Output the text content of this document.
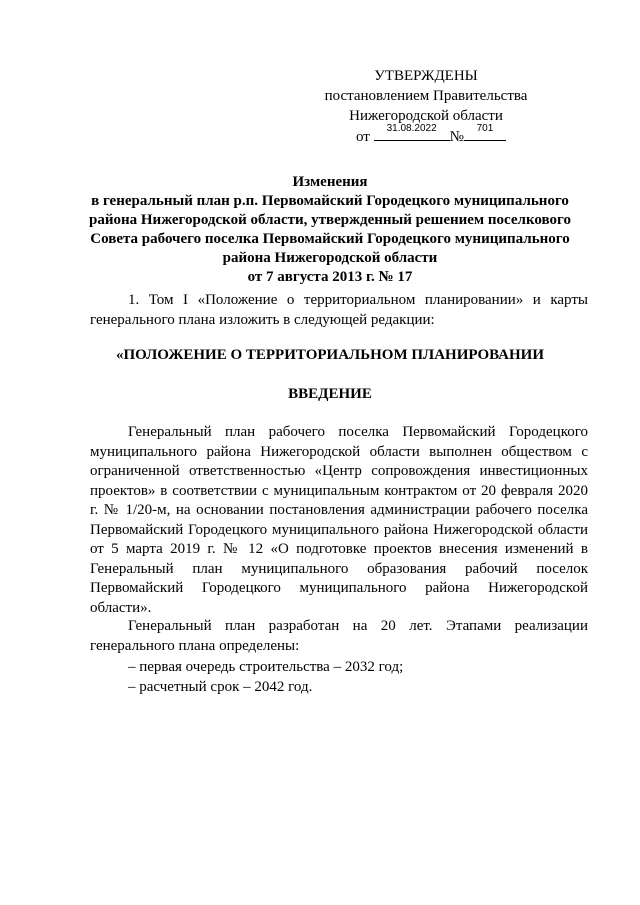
УТВЕРЖДЕНЫ
постановлением Правительства
Нижегородской области
от
31.08.2022
№
701
Изменения
в генеральный план р.п. Первомайский Городецкого муниципального
района Нижегородской области, утвержденный решением поселкового
Совета рабочего поселка Первомайский Городецкого муниципального
района Нижегородской области
от 7 августа 2013 г. № 17
1. Том I «Положение о территориальном планировании» и карты генерального плана изложить в следующей редакции:
«ПОЛОЖЕНИЕ О ТЕРРИТОРИАЛЬНОМ ПЛАНИРОВАНИИ
ВВЕДЕНИЕ
Генеральный план рабочего поселка Первомайский Городецкого муниципального района Нижегородской области выполнен обществом с ограниченной ответственностью «Центр сопровождения инвестиционных проектов» в соответствии с муниципальным контрактом от 20 февраля 2020 г. № 1/20-м, на основании постановления администрации рабочего поселка Первомайский Городецкого муниципального района Нижегородской области от 5 марта 2019 г. № 12 «О подготовке проектов внесения изменений в Генеральный план муниципального образования рабочий поселок Первомайский Городецкого муниципального района Нижегородской области».
Генеральный план разработан на 20 лет. Этапами реализации генерального плана определены:
– первая очередь строительства – 2032 год;
– расчетный срок – 2042 год.
